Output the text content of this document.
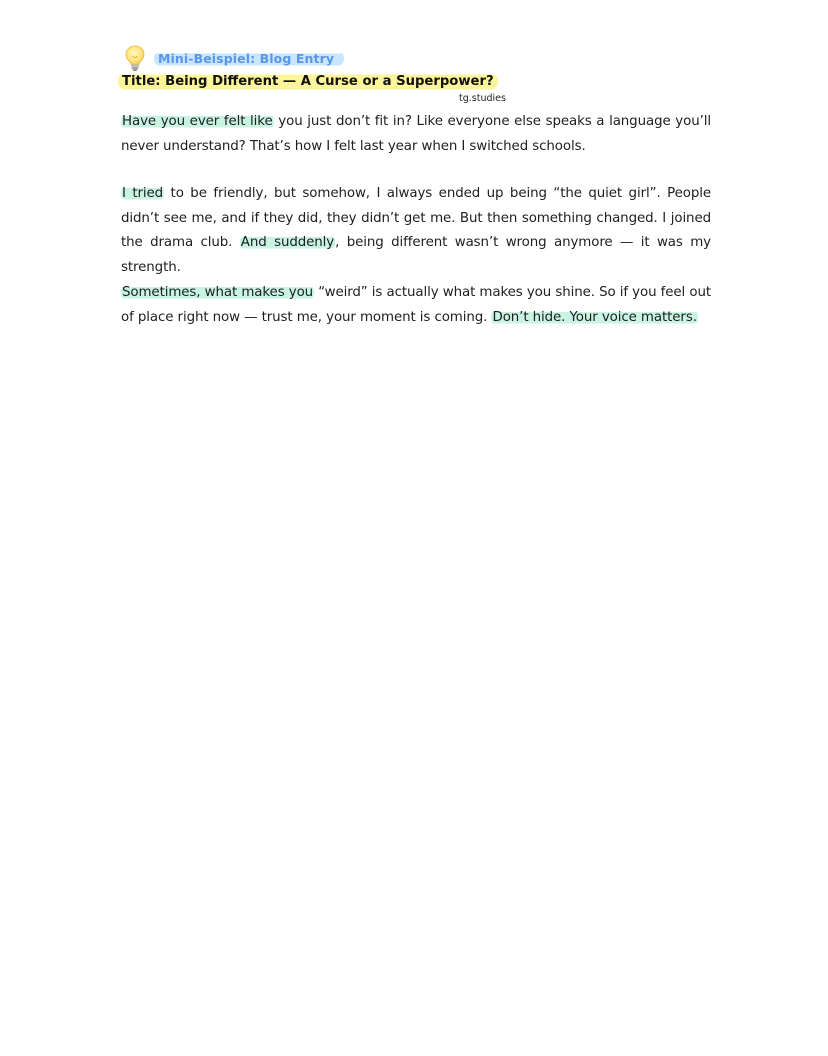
Mini-Beispiel: Blog Entry
Title: Being Different — A Curse or a Superpower?
tg.studies

Have you ever felt like you just don’t fit in? Like everyone else speaks a language you’ll never understand? That’s how I felt last year when I switched schools.

I tried to be friendly, but somehow, I always ended up being “the quiet girl”. People didn’t see me, and if they did, they didn’t get me. But then something changed. I joined the drama club. And suddenly, being different wasn’t wrong anymore — it was my strength.

Sometimes, what makes you “weird” is actually what makes you shine. So if you feel out of place right now — trust me, your moment is coming. Don’t hide. Your voice matters.
